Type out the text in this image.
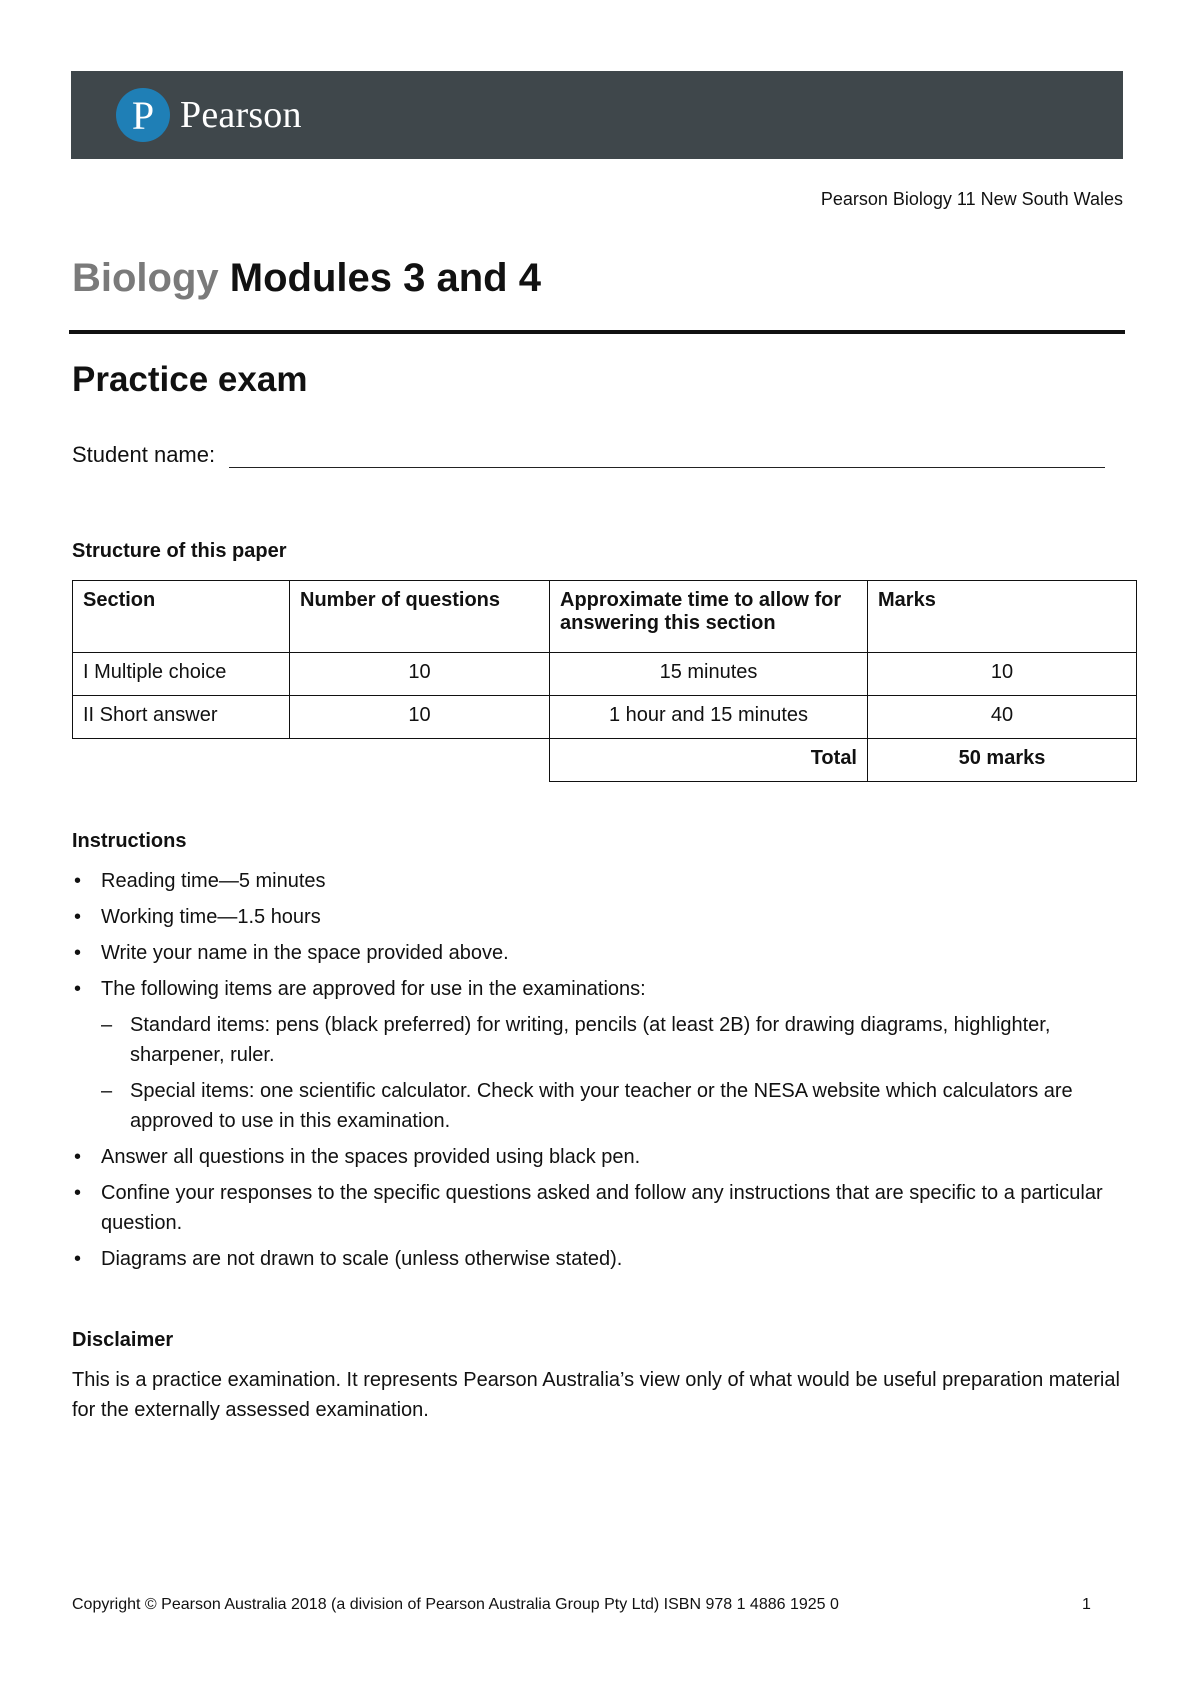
P Pearson
Pearson Biology 11 New South Wales
Biology Modules 3 and 4
Practice exam
Student name:
Structure of this paper
Section	Number of questions	Approximate time to allow for answering this section	Marks
I Multiple choice	10	15 minutes	10
II Short answer	10	1 hour and 15 minutes	40
		Total	50 marks
Instructions
• Reading time—5 minutes
• Working time—1.5 hours
• Write your name in the space provided above.
• The following items are approved for use in the examinations:
– Standard items: pens (black preferred) for writing, pencils (at least 2B) for drawing diagrams, highlighter, sharpener, ruler.
– Special items: one scientific calculator. Check with your teacher or the NESA website which calculators are approved to use in this examination.
• Answer all questions in the spaces provided using black pen.
• Confine your responses to the specific questions asked and follow any instructions that are specific to a particular question.
• Diagrams are not drawn to scale (unless otherwise stated).
Disclaimer

This is a practice examination. It represents Pearson Australia’s view only of what would be useful preparation material for the externally assessed examination.

Copyright © Pearson Australia 2018 (a division of Pearson Australia Group Pty Ltd) ISBN 978 1 4886 1925 0	1
